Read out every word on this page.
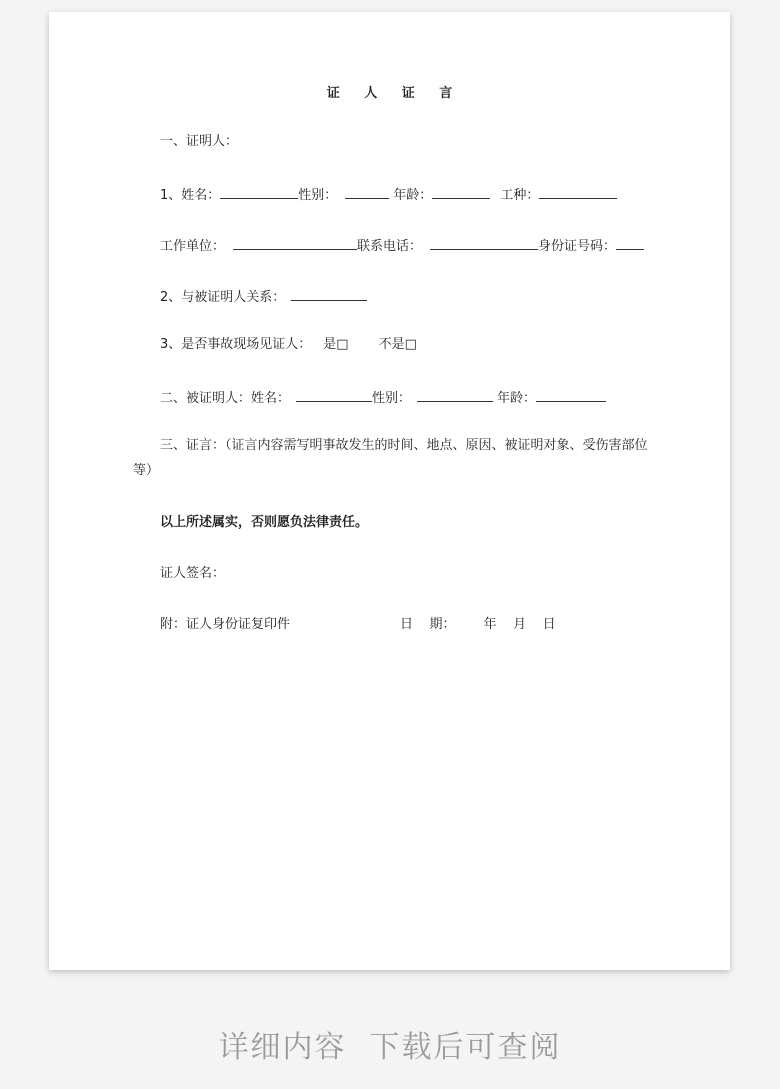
证 人 证 言
一、证明人：
1、姓名：	性别：	年龄：	工种：
工作单位：	联系电话：	身份证号码：
2、与被证明人关系：
3、是否事故现场见证人： 是□ 不是□
二、被证明人：姓名：	性别：	年龄：
三、证言：（证言内容需写明事故发生的时间、地点、原因、被证明对象、受伤害部位
等）
以上所述属实，否则愿负法律责任。
证人签名：
附：证人身份证复印件	日    期： 年    月    日
详细内容  下载后可查阅
